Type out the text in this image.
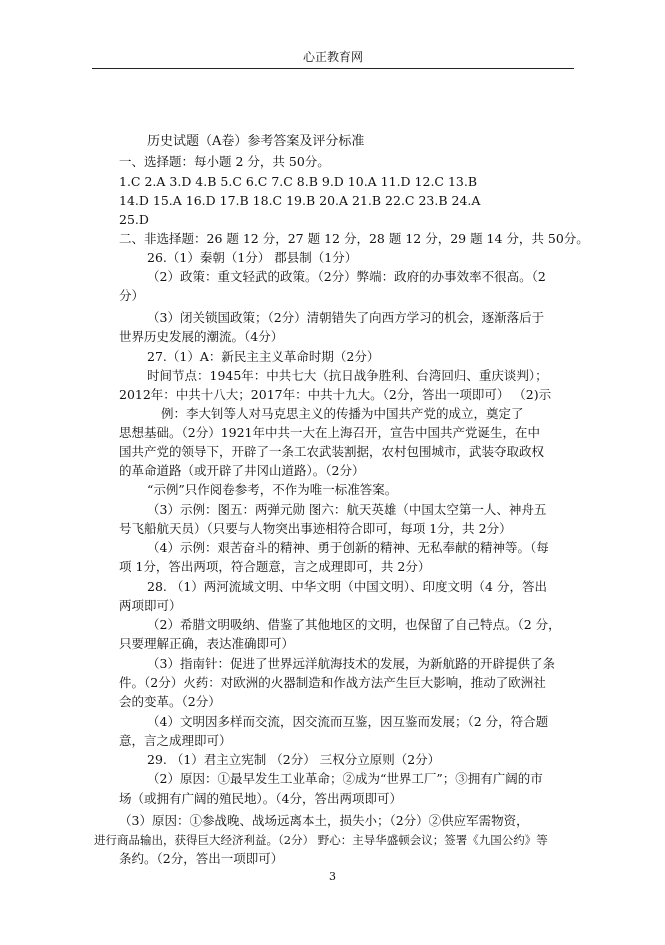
心正教育网
历史试题（A卷）参考答案及评分标准
一、选择题：每小题 2 分，共 50分。
1.C 2.A 3.D 4.B 5.C 6.C 7.C 8.B 9.D 10.A 11.D 12.C 13.B
14.D 15.A 16.D 17.B 18.C 19.B 20.A 21.B 22.C 23.B 24.A
25.D
二、非选择题：26 题 12 分，27 题 12 分，28 题 12 分，29 题 14 分，共 50分。
26.（1）秦朝（1分） 郡县制（1分）
（2）政策：重文轻武的政策。（2分）弊端：政府的办事效率不很高。（2
分）
（3）闭关锁国政策；（2分）清朝错失了向西方学习的机会，逐渐落后于
世界历史发展的潮流。（4分）
27.（1）A：新民主主义革命时期（2分）
时间节点：1945年：中共七大（抗日战争胜利、台湾回归、重庆谈判）；
2012年：中共十八大；2017年：中共十九大。（2分，答出一项即可） （2)示
例：李大钊等人对马克思主义的传播为中国共产党的成立，奠定了
思想基础。（2分）1921年中共一大在上海召开，宣告中国共产党诞生，在中
国共产党的领导下，开辟了一条工农武装割据，农村包围城市，武装夺取政权
的革命道路（或开辟了井冈山道路）。（2分）
“示例”只作阅卷参考，不作为唯一标准答案。
（3）示例：图五：两弹元勋 图六：航天英雄（中国太空第一人、神舟五
号飞船航天员）（只要与人物突出事迹相符合即可，每项 1分，共 2分）
（4）示例：艰苦奋斗的精神、勇于创新的精神、无私奉献的精神等。（每
项 1分，答出两项，符合题意，言之成理即可，共 2分）
28. （1）两河流域文明、中华文明（中国文明）、印度文明（4 分，答出
两项即可）
（2）希腊文明吸纳、借鉴了其他地区的文明，也保留了自己特点。（2 分，
只要理解正确，表达准确即可）
（3）指南针：促进了世界远洋航海技术的发展，为新航路的开辟提供了条
件。（2分）火药：对欧洲的火器制造和作战方法产生巨大影响，推动了欧洲社
会的变革。（2分）
（4）文明因多样而交流，因交流而互鉴，因互鉴而发展；（2 分，符合题
意，言之成理即可）
29. （1）君主立宪制 （2分） 三权分立原则（2分）
（2）原因：①最早发生工业革命；②成为“世界工厂”；③拥有广阔的市
场（或拥有广阔的殖民地）。（4分，答出两项即可）
（3）原因：①参战晚、战场远离本土，损失小；（2分）②供应军需物资，
进行商品输出，获得巨大经济利益。（2分） 野心：主导华盛顿会议；签署《九国公约》等
条约。（2分，答出一项即可）
3
